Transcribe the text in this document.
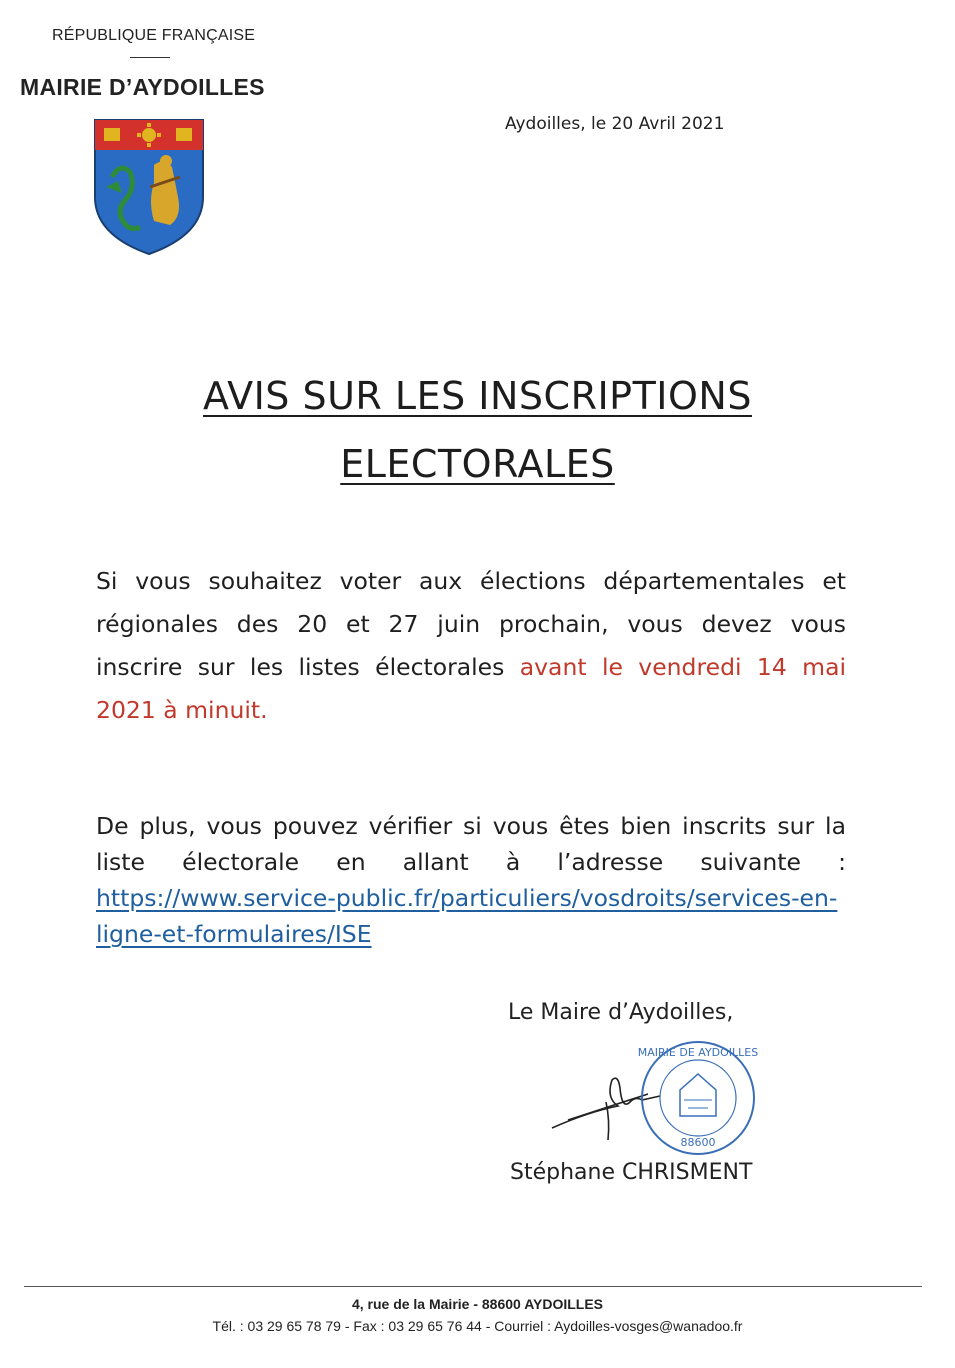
RÉPUBLIQUE FRANÇAISE
MAIRIE D’AYDOILLES
Aydoilles, le 20 Avril 2021
AVIS SUR LES INSCRIPTIONS
ELECTORALES
Si vous souhaitez voter aux élections départementales et
régionales des 20 et 27 juin prochain, vous devez vous
inscrire sur les listes électorales avant le vendredi 14 mai
2021 à minuit.
De plus, vous pouvez vérifier si vous êtes bien inscrits sur la
liste électorale en allant à l’adresse suivante :
https://www.service-public.fr/particuliers/vosdroits/services-en-
ligne-et-formulaires/ISE
Le Maire d’Aydoilles,
MAIRIE DE AYDOILLES
88600
Stéphane CHRISMENT
4, rue de la Mairie - 88600 AYDOILLES
Tél. : 03 29 65 78 79 - Fax : 03 29 65 76 44 - Courriel : Aydoilles-vosges@wanadoo.fr
